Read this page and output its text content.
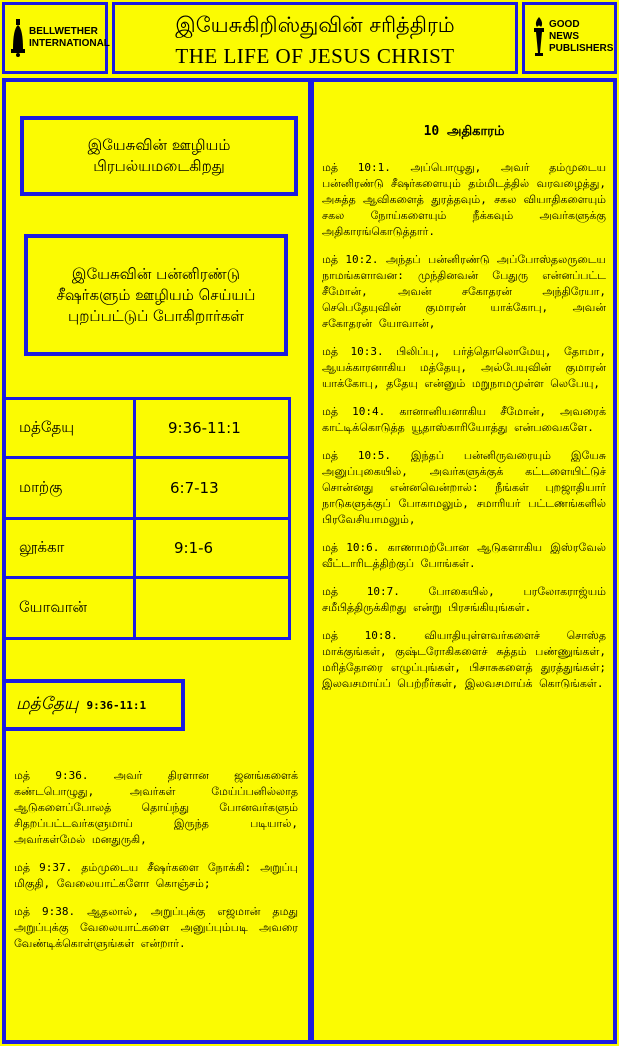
BELLWETHER INTERNATIONAL
இயேசுகிறிஸ்துவின் சரித்திரம்
THE LIFE OF JESUS CHRIST
GOOD NEWS PUBLISHERS
இயேசுவின் ஊழியம் பிரபல்யமடைகிறது
இயேசுவின் பன்னிரண்டு சீஷர்களும் ஊழியம் செய்யப் புறப்பட்டுப் போகிறார்கள்
மத்தேயு	9:36-11:1
மாற்கு	6:7-13
லூக்கா	9:1-6
யோவான்
மத்தேயு 9:36-11:1

மத் 9:36. அவர் திரளான ஜனங்களைக் கண்டபொழுது, அவர்கள் மேய்ப்பனில்லாத ஆடுகளைப்போலத் தொய்ந்து போனவர்களும் சிதறப்பட்டவர்களுமாய் இருந்த படியால், அவர்கள்மேல் மனதுருகி,

மத் 9:37. தம்முடைய சீஷர்களை நோக்கி: அறுப்பு மிகுதி, வேலையாட்களோ கொஞ்சம்;

மத் 9:38. ஆதலால், அறுப்புக்கு எஜமான் தமது அறுப்புக்கு வேலையாட்களை அனுப்பும்படி அவரை வேண்டிக்கொள்ளுங்கள் என்றார்.

10 அதிகாரம்

மத் 10:1. அப்பொழுது, அவர் தம்முடைய பன்னிரண்டு சீஷர்களையும் தம்மிடத்தில் வரவழைத்து, அசுத்த ஆவிகளைத் துரத்தவும், சகல வியாதிகளையும் சகல நோய்களையும் நீக்கவும் அவர்களுக்கு அதிகாரங்கொடுத்தார்.

மத் 10:2. அந்தப் பன்னிரண்டு அப்போஸ்தலருடைய நாமங்களாவன: முந்தினவன் பேதுரு என்னப்பட்ட சீமோன், அவன் சகோதரன் அந்திரேயா, செபெதேயுவின் குமாரன் யாக்கோபு, அவன் சகோதரன் யோவான்,

மத் 10:3. பிலிப்பு, பர்த்தொலொமேயு, தோமா, ஆயக்காரனாகிய மத்தேயு, அல்பேயுவின் குமாரன் யாக்கோபு, ததேயு என்னும் மறுநாமமுள்ள லெபேயு,

மத் 10:4. கானானியனாகிய சீமோன், அவரைக் காட்டிக்கொடுத்த யூதாஸ்காரியோத்து என்பவைகளே.

மத் 10:5. இந்தப் பன்னிருவரையும் இயேசு அனுப்புகையில், அவர்களுக்குக் கட்டளையிட்டுச் சொன்னது என்னவென்றால்: நீங்கள் புறஜாதியார் நாடுகளுக்குப் போகாமலும், சமாரியர் பட்டணங்களில் பிரவேசியாமலும்,

மத் 10:6. காணாமற்போன ஆடுகளாகிய இஸ்ரவேல் வீட்டாரிடத்திற்குப் போங்கள்.

மத் 10:7. போகையில், பரலோகராஜ்யம் சமீபித்திருக்கிறது என்று பிரசங்கியுங்கள்.

மத் 10:8. வியாதியுள்ளவர்களைச் சொஸ்த மாக்குங்கள், குஷ்டரோகிகளைச் சுத்தம் பண்ணுங்கள், மரித்தோரை எழுப்புங்கள், பிசாசுகளைத் துரத்துங்கள்; இலவசமாய்ப் பெற்றீர்கள், இலவசமாய்க் கொடுங்கள்.
